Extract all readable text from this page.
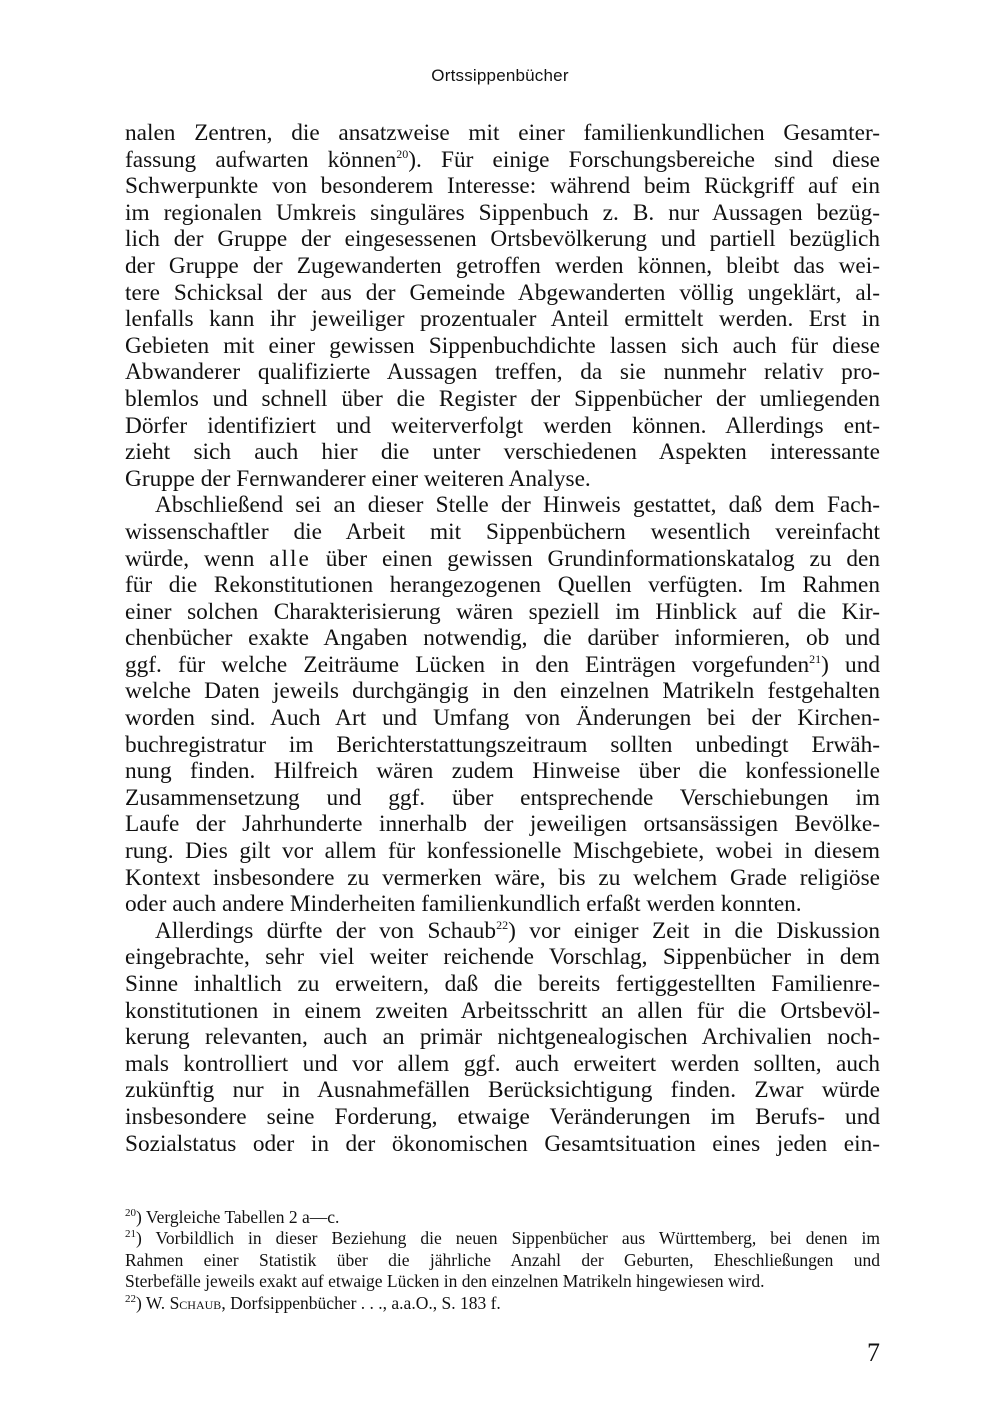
Ortssippenbücher
nalen Zentren, die ansatzweise mit einer familienkundlichen Gesamter-
fassung aufwarten können$^{20}$). Für einige Forschungsbereiche sind diese
Schwerpunkte von besonderem Interesse: während beim Rückgriff auf ein
im regionalen Umkreis singuläres Sippenbuch z. B. nur Aussagen bezüg-
lich der Gruppe der eingesessenen Ortsbevölkerung und partiell bezüglich
der Gruppe der Zugewanderten getroffen werden können, bleibt das wei-
tere Schicksal der aus der Gemeinde Abgewanderten völlig ungeklärt, al-
lenfalls kann ihr jeweiliger prozentualer Anteil ermittelt werden. Erst in
Gebieten mit einer gewissen Sippenbuchdichte lassen sich auch für diese
Abwanderer qualifizierte Aussagen treffen, da sie nunmehr relativ pro-
blemlos und schnell über die Register der Sippenbücher der umliegenden
Dörfer identifiziert und weiterverfolgt werden können. Allerdings ent-
zieht sich auch hier die unter verschiedenen Aspekten interessante
Gruppe der Fernwanderer einer weiteren Analyse.
Abschließend sei an dieser Stelle der Hinweis gestattet, daß dem Fach-
wissenschaftler die Arbeit mit Sippenbüchern wesentlich vereinfacht
würde, wenn alle über einen gewissen Grundinformationskatalog zu den
für die Rekonstitutionen herangezogenen Quellen verfügten. Im Rahmen
einer solchen Charakterisierung wären speziell im Hinblick auf die Kir-
chenbücher exakte Angaben notwendig, die darüber informieren, ob und
ggf. für welche Zeiträume Lücken in den Einträgen vorgefunden$^{21}$) und
welche Daten jeweils durchgängig in den einzelnen Matrikeln festgehalten
worden sind. Auch Art und Umfang von Änderungen bei der Kirchen-
buchregistratur im Berichterstattungszeitraum sollten unbedingt Erwäh-
nung finden. Hilfreich wären zudem Hinweise über die konfessionelle
Zusammensetzung und ggf. über entsprechende Verschiebungen im
Laufe der Jahrhunderte innerhalb der jeweiligen ortsansässigen Bevölke-
rung. Dies gilt vor allem für konfessionelle Mischgebiete, wobei in diesem
Kontext insbesondere zu vermerken wäre, bis zu welchem Grade religiöse
oder auch andere Minderheiten familienkundlich erfaßt werden konnten.
Allerdings dürfte der von Schaub$^{22}$) vor einiger Zeit in die Diskussion
eingebrachte, sehr viel weiter reichende Vorschlag, Sippenbücher in dem
Sinne inhaltlich zu erweitern, daß die bereits fertiggestellten Familienre-
konstitutionen in einem zweiten Arbeitsschritt an allen für die Ortsbevöl-
kerung relevanten, auch an primär nichtgenealogischen Archivalien noch-
mals kontrolliert und vor allem ggf. auch erweitert werden sollten, auch
zukünftig nur in Ausnahmefällen Berücksichtigung finden. Zwar würde
insbesondere seine Forderung, etwaige Veränderungen im Berufs- und
Sozialstatus oder in der ökonomischen Gesamtsituation eines jeden ein-
$^{20}$) Vergleiche Tabellen 2 a—c.
$^{21}$) Vorbildlich in dieser Beziehung die neuen Sippenbücher aus Württemberg, bei denen im
Rahmen einer Statistik über die jährliche Anzahl der Geburten, Eheschließungen und
Sterbefälle jeweils exakt auf etwaige Lücken in den einzelnen Matrikeln hingewiesen wird.
$^{22}$) W. Schaub, Dorfsippenbücher . . ., a.a.O., S. 183 f.
7
